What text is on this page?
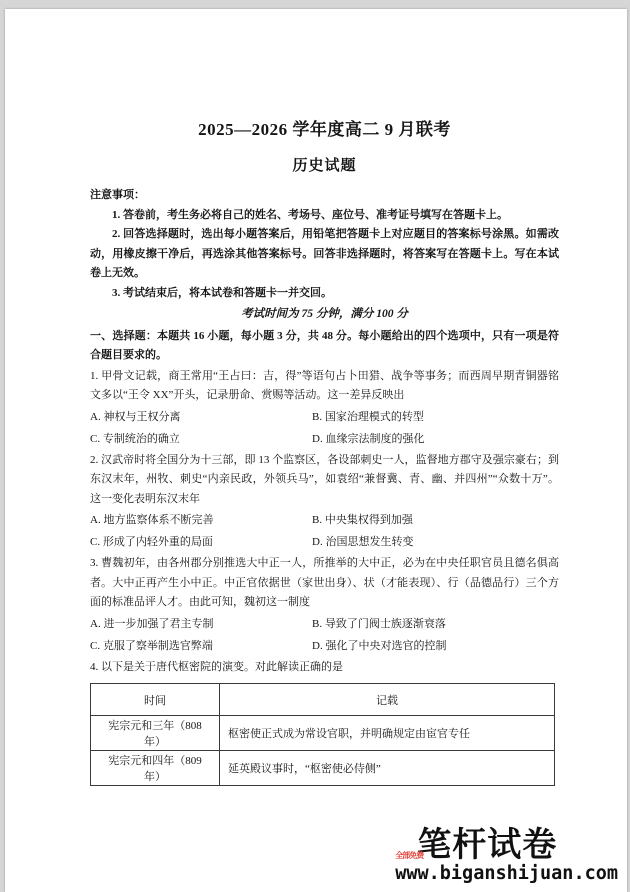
2025—2026 学年度高二 9 月联考
历史试题

注意事项：

1. 答卷前，考生务必将自己的姓名、考场号、座位号、准考证号填写在答题卡上。

2. 回答选择题时，选出每小题答案后，用铅笔把答题卡上对应题目的答案标号涂黑。如需改动，用橡皮擦干净后，再选涂其他答案标号。回答非选择题时，将答案写在答题卡上。写在本试卷上无效。

3. 考试结束后，将本试卷和答题卡一并交回。

考试时间为 75 分钟，满分 100 分

一、选择题：本题共 16 小题，每小题 3 分，共 48 分。每小题给出的四个选项中，只有一项是符合题目要求的。

1. 甲骨文记载，商王常用“王占曰：吉，得”等语句占卜田猎、战争等事务；而西周早期青铜器铭文多以“王令 XX”开头，记录册命、赏赐等活动。这一差异反映出

A. 神权与王权分离	B. 国家治理模式的转型
C. 专制统治的确立	D. 血缘宗法制度的强化

2. 汉武帝时将全国分为十三部，即 13 个监察区，各设部刺史一人，监督地方郡守及强宗豪右；到东汉末年，州牧、刺史“内亲民政，外领兵马”，如袁绍“兼督冀、青、幽、并四州”“众数十万”。这一变化表明东汉末年

A. 地方监察体系不断完善	B. 中央集权得到加强
C. 形成了内轻外重的局面	D. 治国思想发生转变

3. 曹魏初年，由各州郡分别推选大中正一人，所推举的大中正，必为在中央任职官员且德名俱高者。大中正再产生小中正。中正官依据世（家世出身）、状（才能表现）、行（品德品行）三个方面的标准品评人才。由此可知，魏初这一制度

A. 进一步加强了君主专制	B. 导致了门阀士族逐渐衰落
C. 克服了察举制选官弊端	D. 强化了中央对选官的控制

4. 以下是关于唐代枢密院的演变。对此解读正确的是

时间	记载
宪宗元和三年（808 年）	枢密使正式成为常设官职，并明确规定由宦官专任
宪宗元和四年（809 年）	延英殿议事时，“枢密使必侍侧”
全部免费
笔杆试卷
www.biganshijuan.com
